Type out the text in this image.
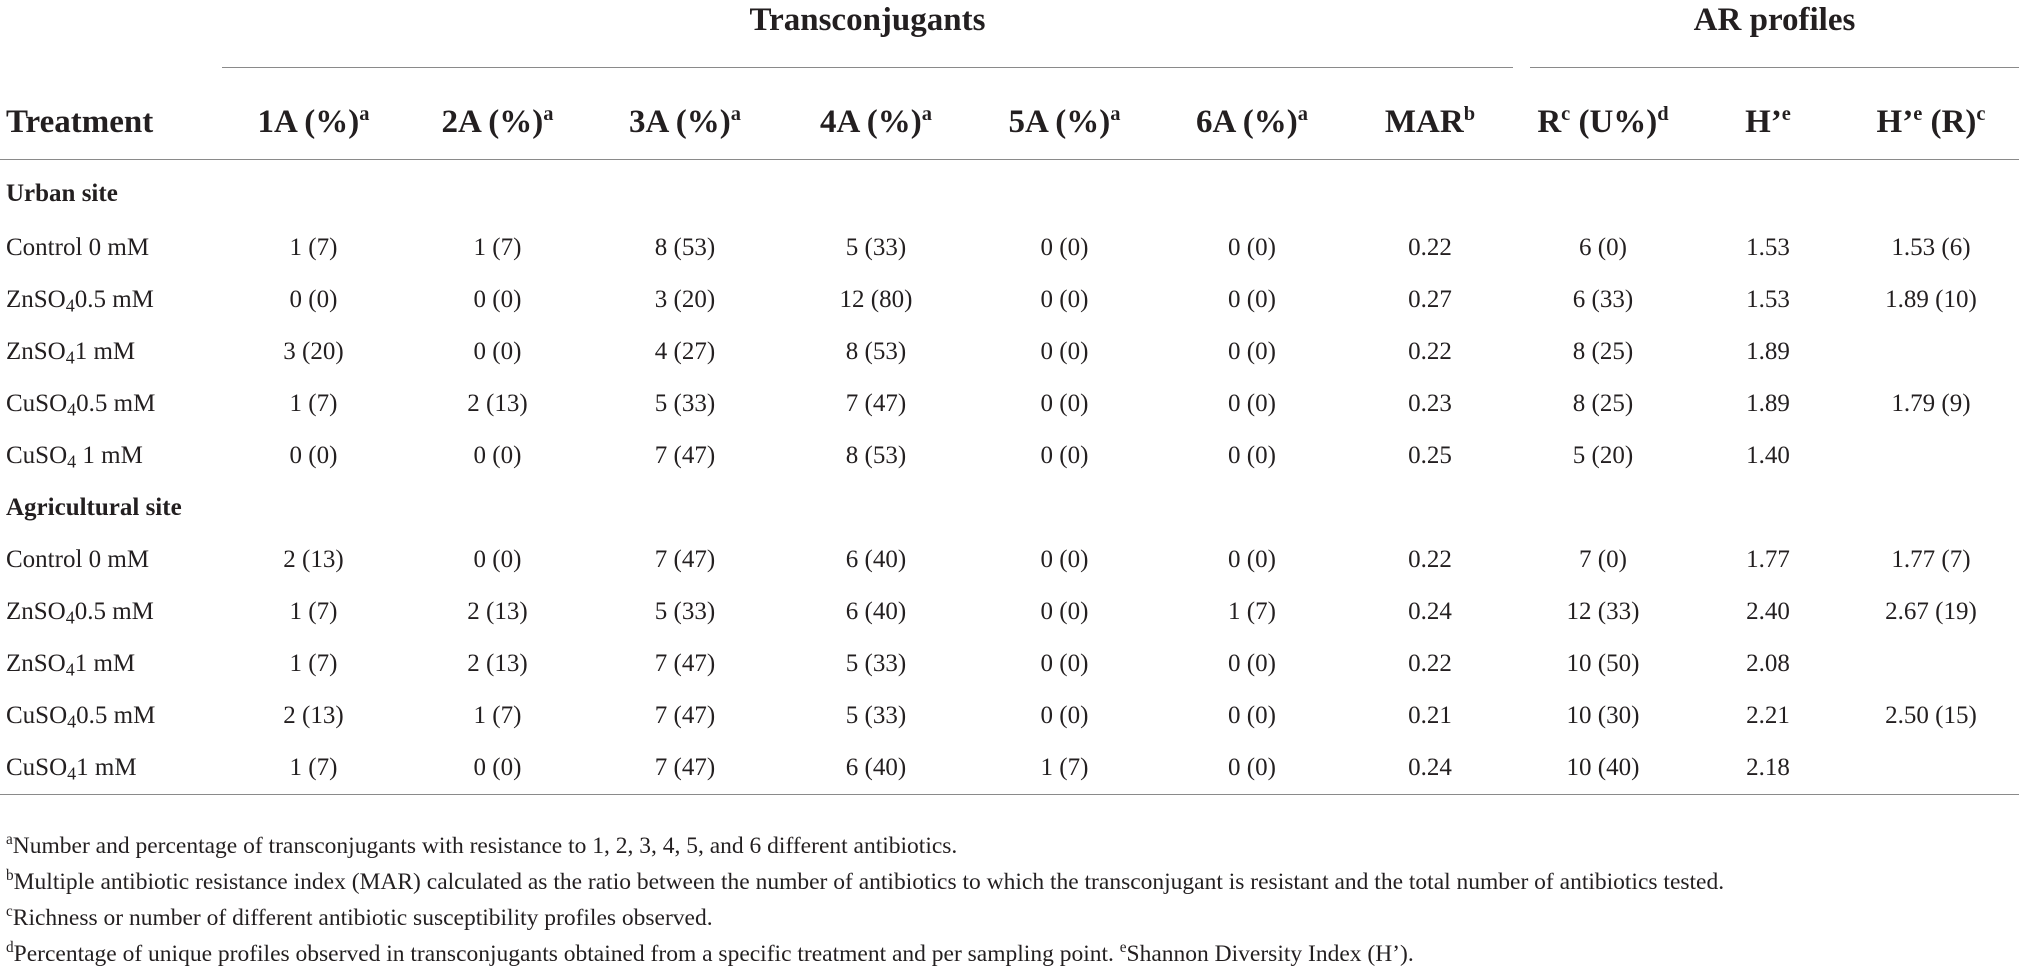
Transconjugants	AR profiles
Treatment	1A (%)$^a$	2A (%)$^a$	3A (%)$^a$	4A (%)$^a$	5A (%)$^a$	6A (%)$^a$	MAR$^b$	$R^c$ $(U\%)^d$	H’$^e$	H’$^e$ $(R)^c$
Urban site										
Control 0 mM	1 (7)	1 (7)	8 (53)	5 (33)	0 (0)	0 (0)	0.22	6 (0)	1.53	1.53 (6)
ZnSO$_4$0.5 mM	0 (0)	0 (0)	3 (20)	12 (80)	0 (0)	0 (0)	0.27	6 (33)	1.53	1.89 (10)
ZnSO$_4$1 mM	3 (20)	0 (0)	4 (27)	8 (53)	0 (0)	0 (0)	0.22	8 (25)	1.89	
CuSO$_4$0.5 mM	1 (7)	2 (13)	5 (33)	7 (47)	0 (0)	0 (0)	0.23	8 (25)	1.89	1.79 (9)
CuSO$_4$ 1 mM	0 (0)	0 (0)	7 (47)	8 (53)	0 (0)	0 (0)	0.25	5 (20)	1.40	
Agricultural site										
Control 0 mM	2 (13)	0 (0)	7 (47)	6 (40)	0 (0)	0 (0)	0.22	7 (0)	1.77	1.77 (7)
ZnSO$_4$0.5 mM	1 (7)	2 (13)	5 (33)	6 (40)	0 (0)	1 (7)	0.24	12 (33)	2.40	2.67 (19)
ZnSO$_4$1 mM	1 (7)	2 (13)	7 (47)	5 (33)	0 (0)	0 (0)	0.22	10 (50)	2.08	
CuSO$_4$0.5 mM	2 (13)	1 (7)	7 (47)	5 (33)	0 (0)	0 (0)	0.21	10 (30)	2.21	2.50 (15)
CuSO$_4$1 mM	1 (7)	0 (0)	7 (47)	6 (40)	1 (7)	0 (0)	0.24	10 (40)	2.18	
$^a$Number and percentage of transconjugants with resistance to 1, 2, 3, 4, 5, and 6 different antibiotics.
$^b$Multiple antibiotic resistance index (MAR) calculated as the ratio between the number of antibiotics to which the transconjugant is resistant and the total number of antibiotics tested.
$^c$Richness or number of different antibiotic susceptibility profiles observed.
$^d$Percentage of unique profiles observed in transconjugants obtained from a specific treatment and per sampling point. $^e$Shannon Diversity Index (H’).
